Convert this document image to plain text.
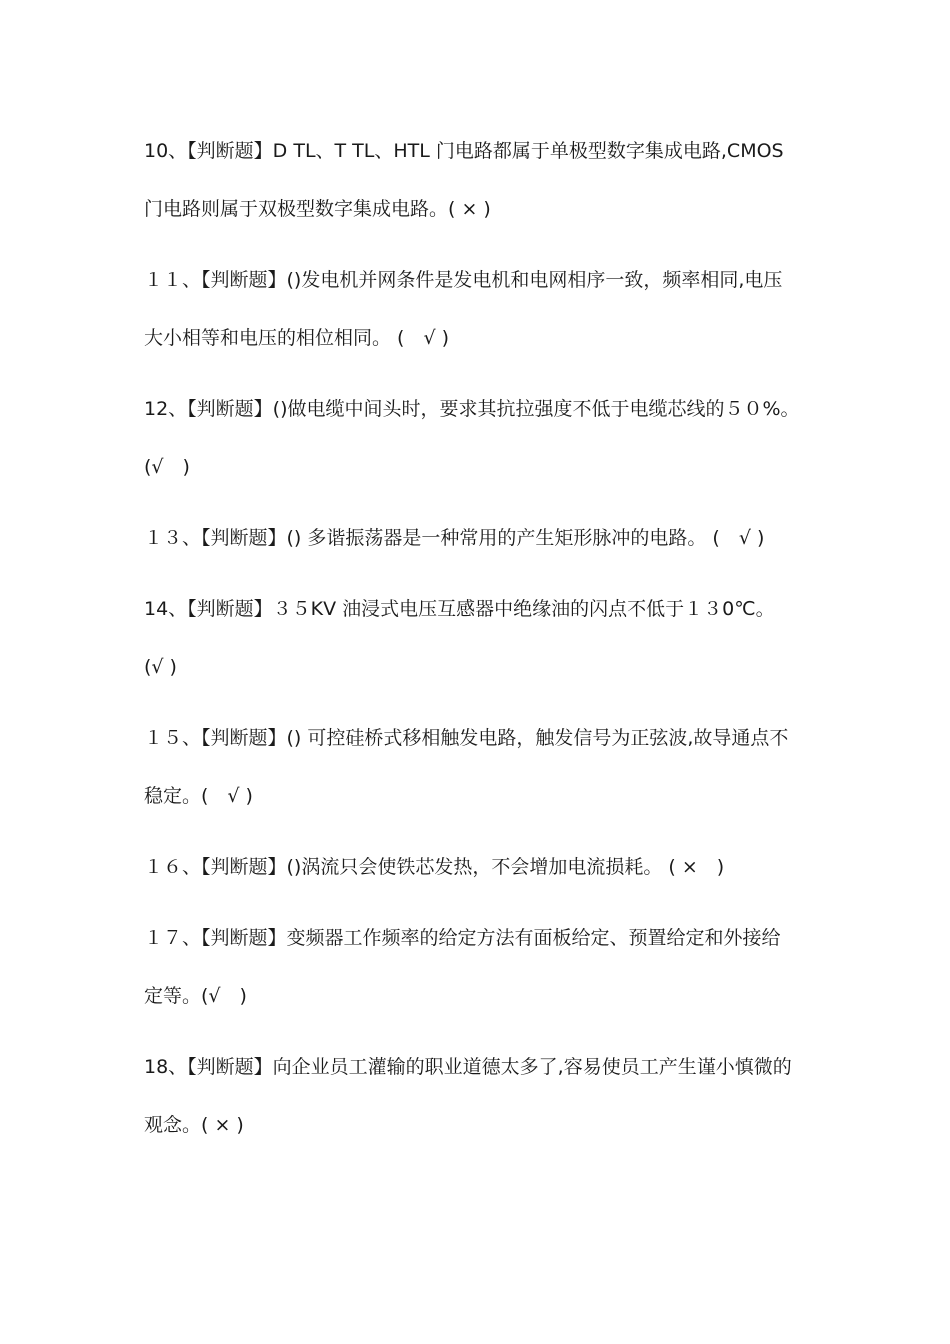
10、【判断题】D TL、T TL、HTL 门电路都属于单极型数字集成电路,CMOS
门电路则属于双极型数字集成电路。( × )
１１、【判断题】()发电机并网条件是发电机和电网相序一致，频率相同,电压
大小相等和电压的相位相同。 (　√ )
12、【判断题】()做电缆中间头时，要求其抗拉强度不低于电缆芯线的５０%。
(√　)
１３、【判断题】() 多谐振荡器是一种常用的产生矩形脉冲的电路。 (　√ )
14、【判断题】３５KV 油浸式电压互感器中绝缘油的闪点不低于１３0℃。
(√ )
１５、【判断题】() 可控硅桥式移相触发电路，触发信号为正弦波,故导通点不
稳定。(　√ )
１６、【判断题】()涡流只会使铁芯发热，不会增加电流损耗。 ( ×　)
１７、【判断题】变频器工作频率的给定方法有面板给定、预置给定和外接给
定等。(√　)
18、【判断题】向企业员工灌输的职业道德太多了,容易使员工产生谨小慎微的
观念。( × )
